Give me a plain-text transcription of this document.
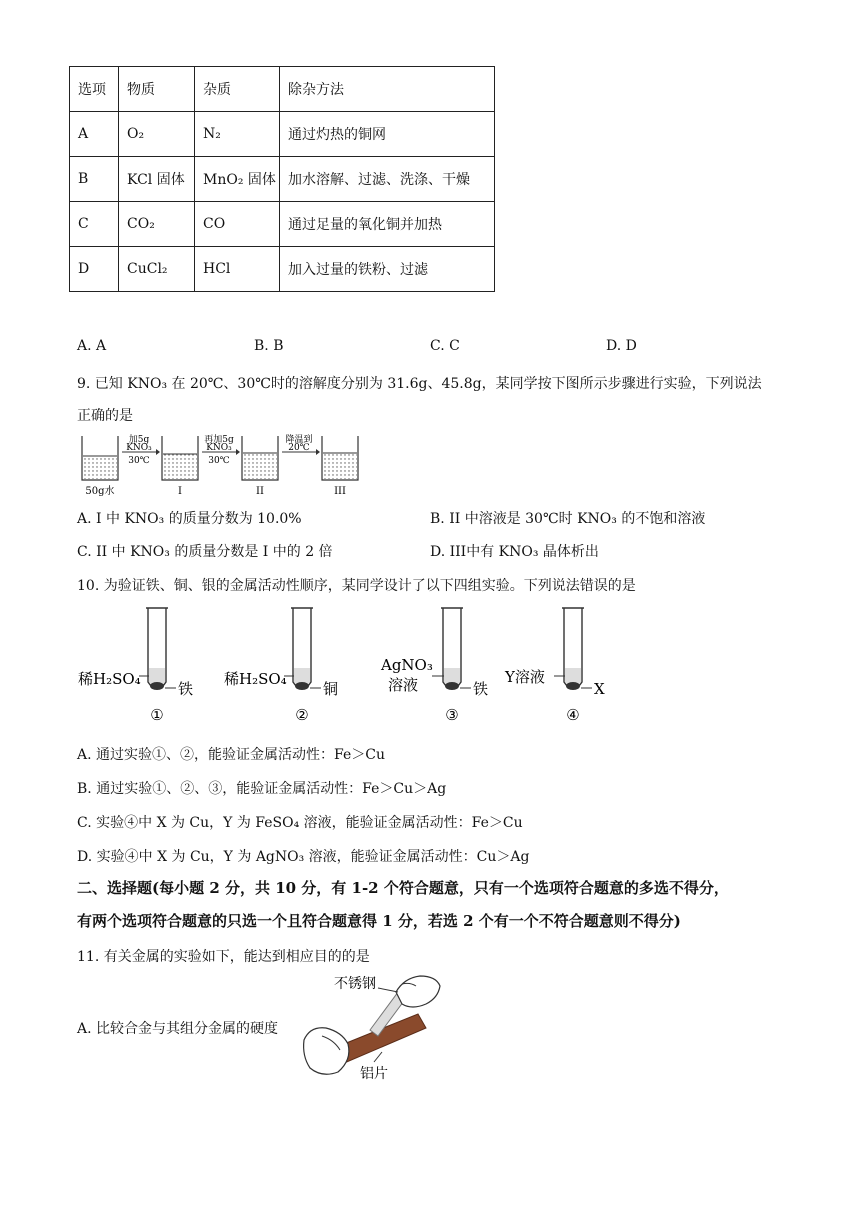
选项	物质	杂质	除杂方法
A	O₂	N₂	通过灼热的铜网
B	KCl 固体	MnO₂ 固体	加水溶解、过滤、洗涤、干燥
C	CO₂	CO	通过足量的氧化铜并加热
D	CuCl₂	HCl	加入过量的铁粉、过滤
A. A	B. B	C. C	D. D
9. 已知 KNO₃ 在 20℃、30℃时的溶解度分别为 31.6g、45.8g，某同学按下图所示步骤进行实验，下列说法
正确的是
50g水	I	II	III
加5g
KNO₃
30℃
再加5g
KNO₃
30℃
降温到
20℃
A. I 中 KNO₃ 的质量分数为 10.0%	B. II 中溶液是 30℃时 KNO₃ 的不饱和溶液
C. II 中 KNO₃ 的质量分数是 I 中的 2 倍	D. III中有 KNO₃ 晶体析出
10. 为验证铁、铜、银的金属活动性顺序，某同学设计了以下四组实验。下列说法错误的是
稀H₂SO₄
铁
①
稀H₂SO₄
铜
②
AgNO₃
溶液	铁
③
Y溶液
X
④
A. 通过实验①、②，能验证金属活动性：Fe＞Cu
B. 通过实验①、②、③，能验证金属活动性：Fe＞Cu＞Ag
C. 实验④中 X 为 Cu，Y 为 FeSO₄ 溶液，能验证金属活动性：Fe＞Cu
D. 实验④中 X 为 Cu，Y 为 AgNO₃ 溶液，能验证金属活动性：Cu＞Ag
二、选择题(每小题 2 分，共 10 分，有 1-2 个符合题意，只有一个选项符合题意的多选不得分，
有两个选项符合题意的只选一个且符合题意得 1 分，若选 2 个有一个不符合题意则不得分)
11. 有关金属的实验如下，能达到相应目的的是
A. 比较合金与其组分金属的硬度
不锈钢
铝片
